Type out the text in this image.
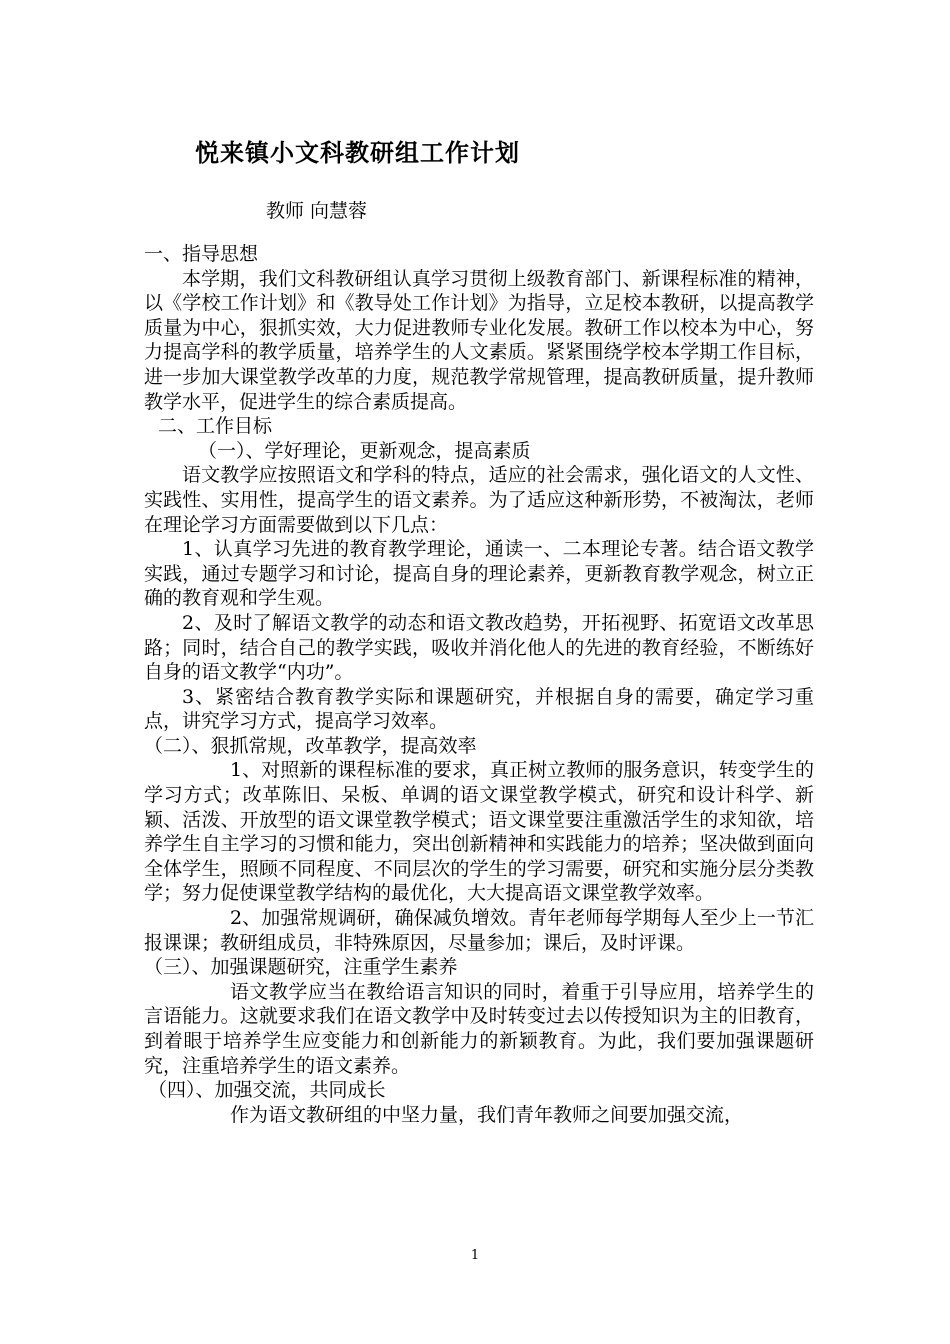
悦来镇小文科教研组工作计划
教师 向慧蓉

一、指导思想

本学期，我们文科教研组认真学习贯彻上级教育部门、新课程标准的精神，以《学校工作计划》和《教导处工作计划》为指导，立足校本教研，以提高教学质量为中心，狠抓实效，大力促进教师专业化发展。教研工作以校本为中心，努力提高学科的教学质量，培养学生的人文素质。紧紧围绕学校本学期工作目标，进一步加大课堂教学改革的力度，规范教学常规管理，提高教研质量，提升教师教学水平，促进学生的综合素质提高。

二、工作目标

（一）、学好理论，更新观念，提高素质

语文教学应按照语文和学科的特点，适应的社会需求，强化语文的人文性、实践性、实用性，提高学生的语文素养。为了适应这种新形势，不被淘汰，老师在理论学习方面需要做到以下几点：

1、认真学习先进的教育教学理论，通读一、二本理论专著。结合语文教学实践，通过专题学习和讨论，提高自身的理论素养，更新教育教学观念，树立正确的教育观和学生观。

2、及时了解语文教学的动态和语文教改趋势，开拓视野、拓宽语文改革思路；同时，结合自己的教学实践，吸收并消化他人的先进的教育经验，不断练好自身的语文教学“内功”。

3、紧密结合教育教学实际和课题研究，并根据自身的需要，确定学习重点，讲究学习方式，提高学习效率。

（二）、狠抓常规，改革教学，提高效率

1、对照新的课程标准的要求，真正树立教师的服务意识，转变学生的学习方式；改革陈旧、呆板、单调的语文课堂教学模式，研究和设计科学、新颖、活泼、开放型的语文课堂教学模式；语文课堂要注重激活学生的求知欲，培养学生自主学习的习惯和能力，突出创新精神和实践能力的培养；坚决做到面向全体学生，照顾不同程度、不同层次的学生的学习需要，研究和实施分层分类教学；努力促使课堂教学结构的最优化，大大提高语文课堂教学效率。

2、加强常规调研，确保减负增效。青年老师每学期每人至少上一节汇报课课；教研组成员，非特殊原因，尽量参加；课后，及时评课。

（三）、加强课题研究，注重学生素养

语文教学应当在教给语言知识的同时，着重于引导应用，培养学生的言语能力。这就要求我们在语文教学中及时转变过去以传授知识为主的旧教育，到着眼于培养学生应变能力和创新能力的新颖教育。为此，我们要加强课题研究，注重培养学生的语文素养。

（四）、加强交流，共同成长

作为语文教研组的中坚力量，我们青年教师之间要加强交流，

1
